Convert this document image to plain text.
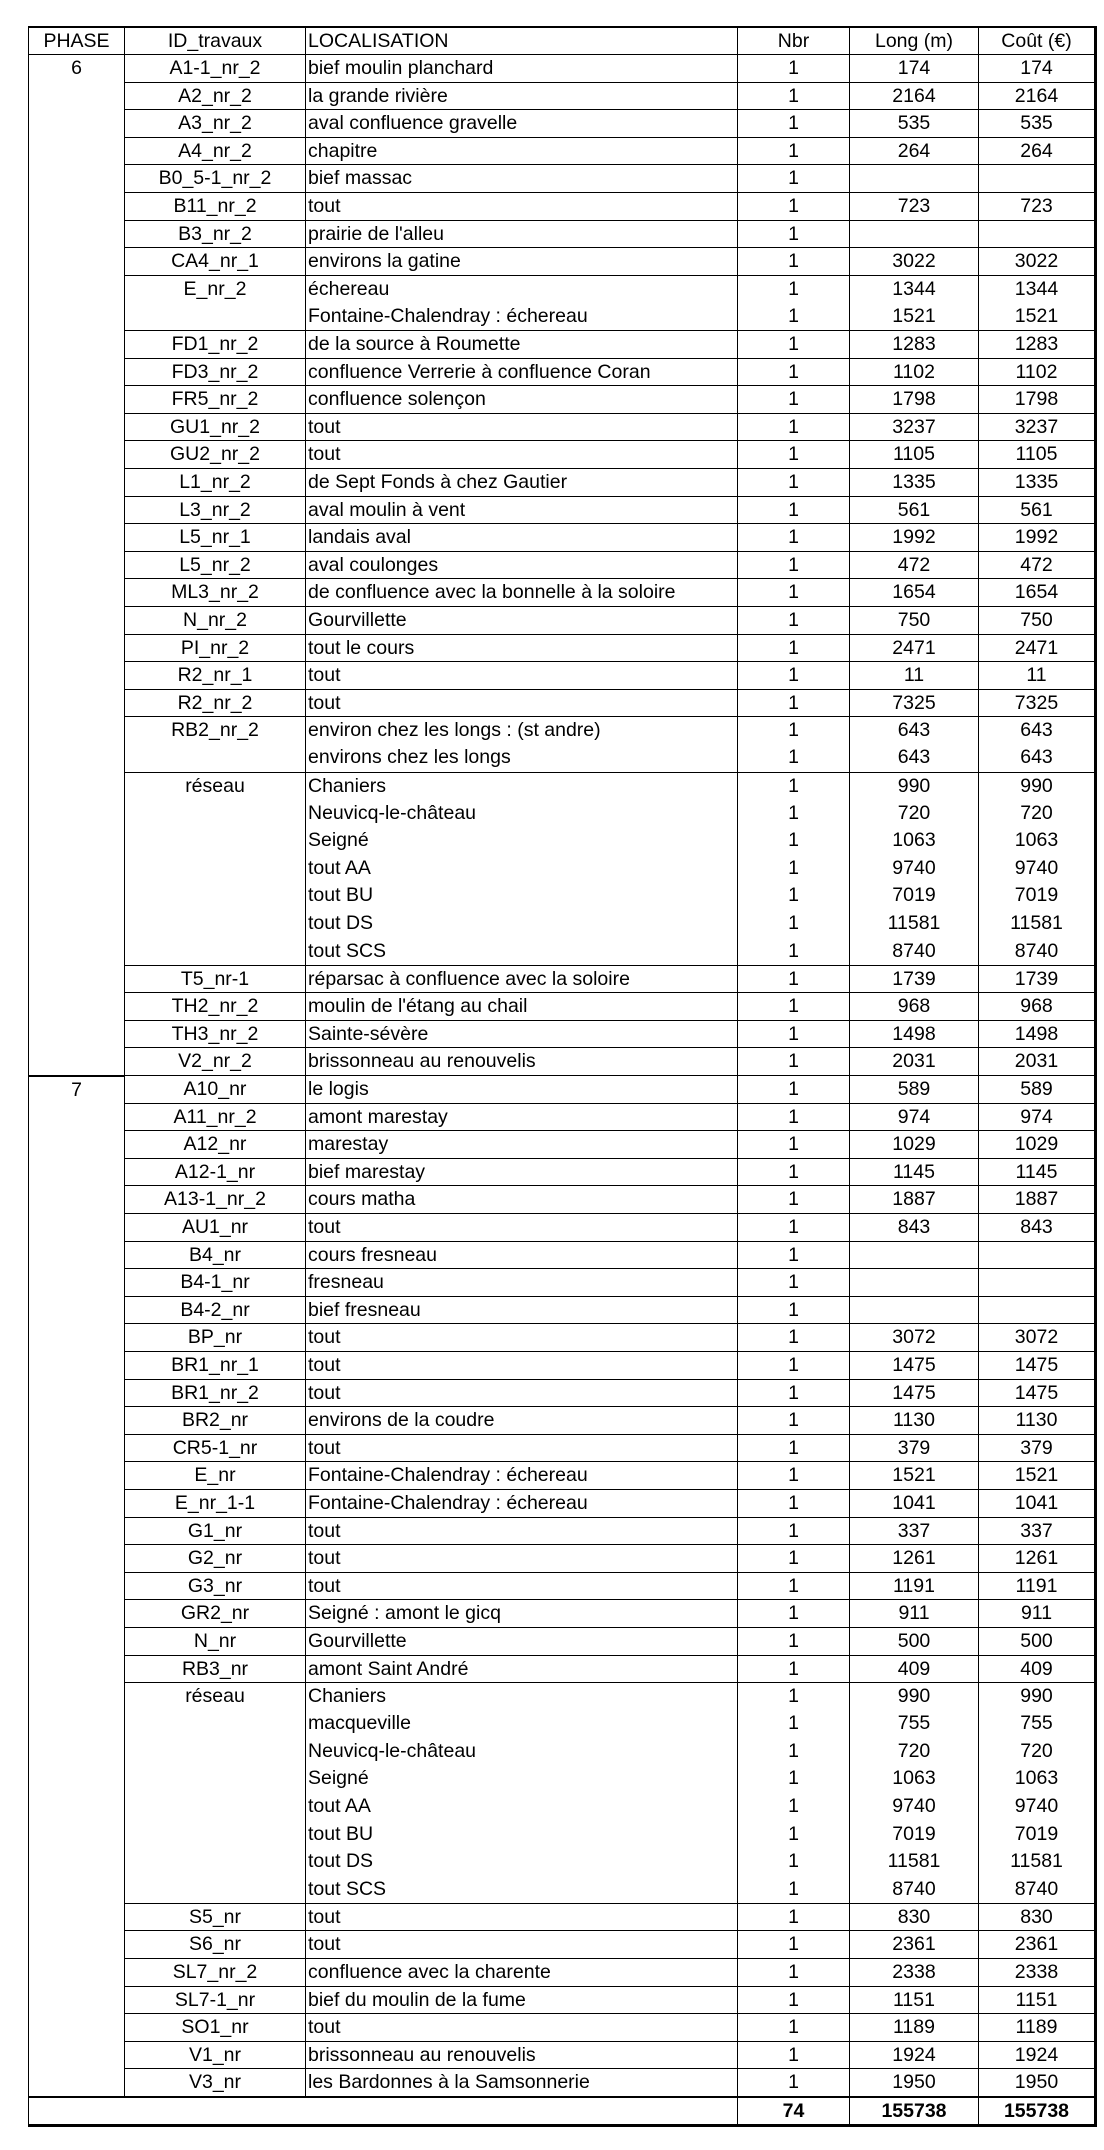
PHASE	ID_travaux	LOCALISATION	Nbr	Long (m)	Coût (€)
6	A1-1_nr_2	bief moulin planchard	1	174	174
	A2_nr_2	la grande rivière	1	2164	2164
	A3_nr_2	aval confluence gravelle	1	535	535
	A4_nr_2	chapitre	1	264	264
	B0_5-1_nr_2	bief massac	1		
	B11_nr_2	tout	1	723	723
	B3_nr_2	prairie de l'alleu	1		
	CA4_nr_1	environs la gatine	1	3022	3022
	E_nr_2	échereau	1	1344	1344
		Fontaine-Chalendray : échereau	1	1521	1521
	FD1_nr_2	de la source à Roumette	1	1283	1283
	FD3_nr_2	confluence Verrerie à confluence Coran	1	1102	1102
	FR5_nr_2	confluence solençon	1	1798	1798
	GU1_nr_2	tout	1	3237	3237
	GU2_nr_2	tout	1	1105	1105
	L1_nr_2	de Sept Fonds à chez Gautier	1	1335	1335
	L3_nr_2	aval moulin à vent	1	561	561
	L5_nr_1	landais aval	1	1992	1992
	L5_nr_2	aval coulonges	1	472	472
	ML3_nr_2	de confluence avec la bonnelle à la soloire	1	1654	1654
	N_nr_2	Gourvillette	1	750	750
	PI_nr_2	tout le cours	1	2471	2471
	R2_nr_1	tout	1	11	11
	R2_nr_2	tout	1	7325	7325
	RB2_nr_2	environ chez les longs : (st andre)	1	643	643
		environs chez les longs	1	643	643
	réseau	Chaniers	1	990	990
		Neuvicq-le-château	1	720	720
		Seigné	1	1063	1063
		tout AA	1	9740	9740
		tout BU	1	7019	7019
		tout DS	1	11581	11581
		tout SCS	1	8740	8740
	T5_nr-1	réparsac à confluence avec la soloire	1	1739	1739
	TH2_nr_2	moulin de l'étang au chail	1	968	968
	TH3_nr_2	Sainte-sévère	1	1498	1498
	V2_nr_2	brissonneau au renouvelis	1	2031	2031
7	A10_nr	le logis	1	589	589
	A11_nr_2	amont marestay	1	974	974
	A12_nr	marestay	1	1029	1029
	A12-1_nr	bief marestay	1	1145	1145
	A13-1_nr_2	cours matha	1	1887	1887
	AU1_nr	tout	1	843	843
	B4_nr	cours fresneau	1		
	B4-1_nr	fresneau	1		
	B4-2_nr	bief fresneau	1		
	BP_nr	tout	1	3072	3072
	BR1_nr_1	tout	1	1475	1475
	BR1_nr_2	tout	1	1475	1475
	BR2_nr	environs de la coudre	1	1130	1130
	CR5-1_nr	tout	1	379	379
	E_nr	Fontaine-Chalendray : échereau	1	1521	1521
	E_nr_1-1	Fontaine-Chalendray : échereau	1	1041	1041
	G1_nr	tout	1	337	337
	G2_nr	tout	1	1261	1261
	G3_nr	tout	1	1191	1191
	GR2_nr	Seigné : amont le gicq	1	911	911
	N_nr	Gourvillette	1	500	500
	RB3_nr	amont Saint André	1	409	409
	réseau	Chaniers	1	990	990
		macqueville	1	755	755
		Neuvicq-le-château	1	720	720
		Seigné	1	1063	1063
		tout AA	1	9740	9740
		tout BU	1	7019	7019
		tout DS	1	11581	11581
		tout SCS	1	8740	8740
	S5_nr	tout	1	830	830
	S6_nr	tout	1	2361	2361
	SL7_nr_2	confluence avec la charente	1	2338	2338
	SL7-1_nr	bief du moulin de la fume	1	1151	1151
	SO1_nr	tout	1	1189	1189
	V1_nr	brissonneau au renouvelis	1	1924	1924
	V3_nr	les Bardonnes à la Samsonnerie	1	1950	1950
			74	155738	155738
